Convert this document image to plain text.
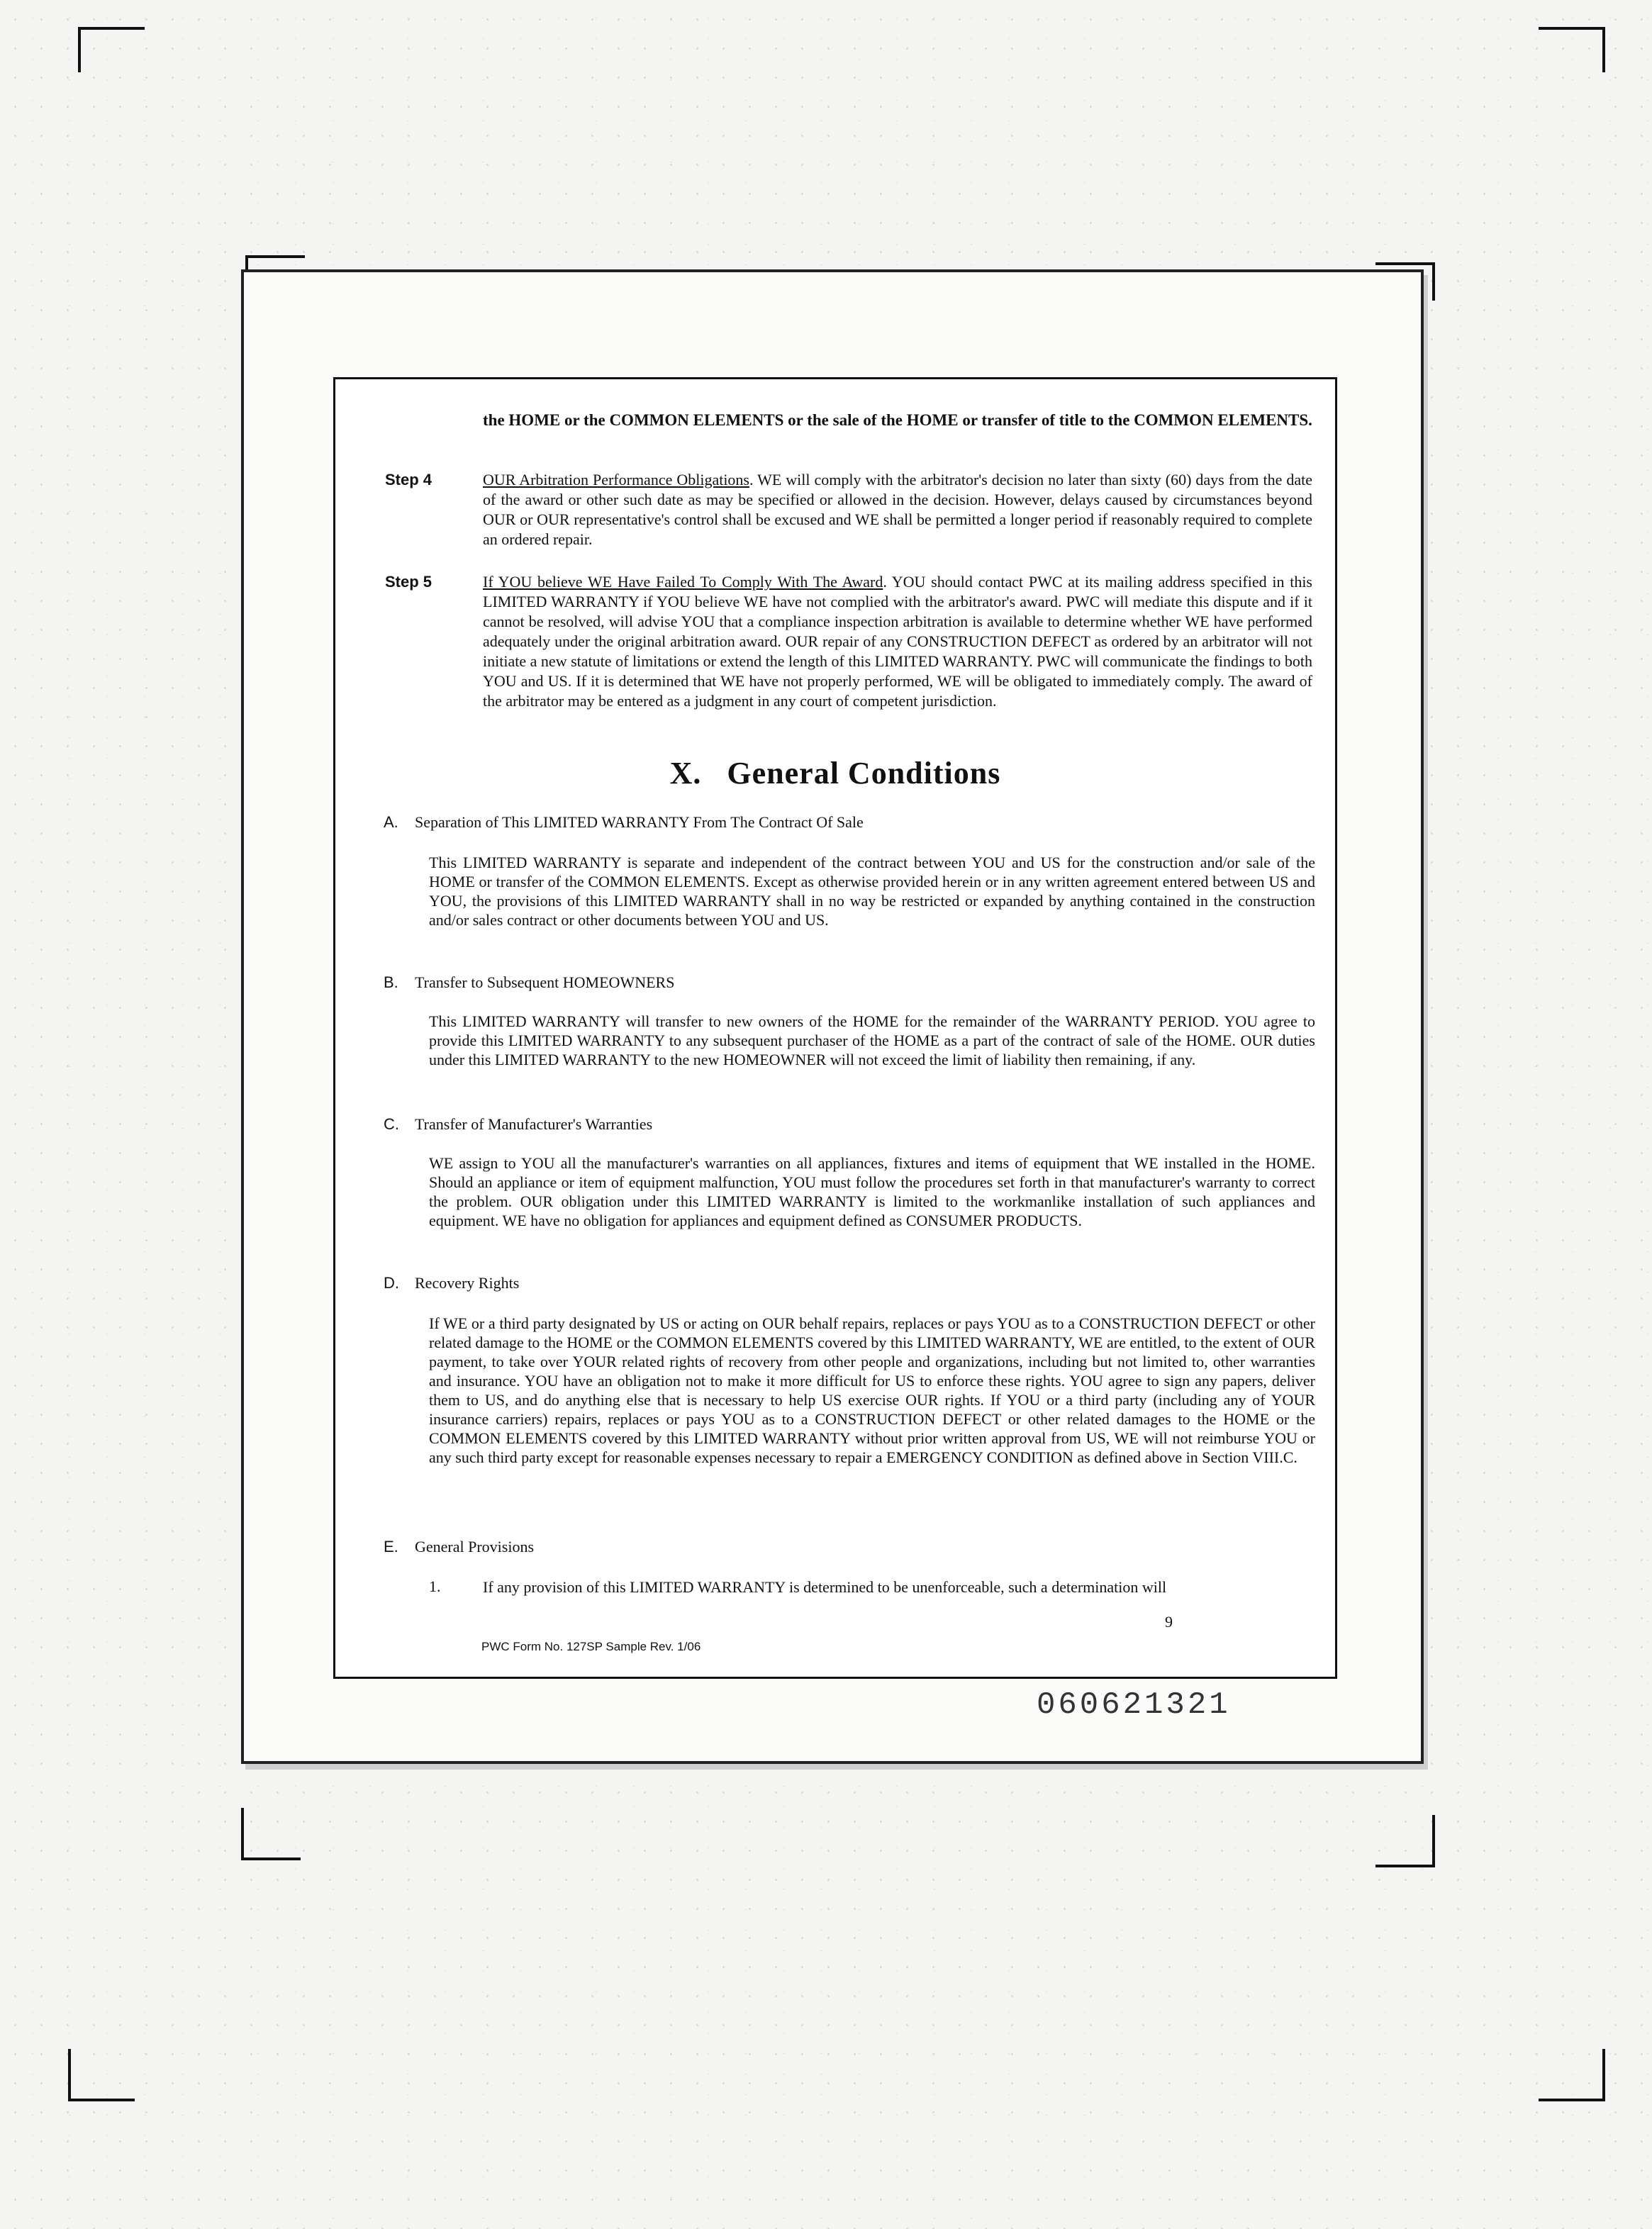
the HOME or the COMMON ELEMENTS or the sale of the HOME or transfer of title to the COMMON ELEMENTS.
Step 4	OUR Arbitration Performance Obligations. WE will comply with the arbitrator's decision no later than sixty (60) days from the date of the award or other such date as may be specified or allowed in the decision. However, delays caused by circumstances beyond OUR or OUR representative's control shall be excused and WE shall be permitted a longer period if reasonably required to complete an ordered repair.
Step 5	If YOU believe WE Have Failed To Comply With The Award. YOU should contact PWC at its mailing address specified in this LIMITED WARRANTY if YOU believe WE have not complied with the arbitrator's award. PWC will mediate this dispute and if it cannot be resolved, will advise YOU that a compliance inspection arbitration is available to determine whether WE have performed adequately under the original arbitration award. OUR repair of any CONSTRUCTION DEFECT as ordered by an arbitrator will not initiate a new statute of limitations or extend the length of this LIMITED WARRANTY. PWC will communicate the findings to both YOU and US. If it is determined that WE have not properly performed, WE will be obligated to immediately comply. The award of the arbitrator may be entered as a judgment in any court of competent jurisdiction.
X.   General Conditions
A. Separation of This LIMITED WARRANTY From The Contract Of Sale
This LIMITED WARRANTY is separate and independent of the contract between YOU and US for the construction and/or sale of the HOME or transfer of the COMMON ELEMENTS. Except as otherwise provided herein or in any written agreement entered between US and YOU, the provisions of this LIMITED WARRANTY shall in no way be restricted or expanded by anything contained in the construction and/or sales contract or other documents between YOU and US.
B. Transfer to Subsequent HOMEOWNERS
This LIMITED WARRANTY will transfer to new owners of the HOME for the remainder of the WARRANTY PERIOD. YOU agree to provide this LIMITED WARRANTY to any subsequent purchaser of the HOME as a part of the contract of sale of the HOME. OUR duties under this LIMITED WARRANTY to the new HOMEOWNER will not exceed the limit of liability then remaining, if any.
C. Transfer of Manufacturer's Warranties
WE assign to YOU all the manufacturer's warranties on all appliances, fixtures and items of equipment that WE installed in the HOME. Should an appliance or item of equipment malfunction, YOU must follow the procedures set forth in that manufacturer's warranty to correct the problem. OUR obligation under this LIMITED WARRANTY is limited to the workmanlike installation of such appliances and equipment. WE have no obligation for appliances and equipment defined as CONSUMER PRODUCTS.
D. Recovery Rights
If WE or a third party designated by US or acting on OUR behalf repairs, replaces or pays YOU as to a CONSTRUCTION DEFECT or other related damage to the HOME or the COMMON ELEMENTS covered by this LIMITED WARRANTY, WE are entitled, to the extent of OUR payment, to take over YOUR related rights of recovery from other people and organizations, including but not limited to, other warranties and insurance. YOU have an obligation not to make it more difficult for US to enforce these rights. YOU agree to sign any papers, deliver them to US, and do anything else that is necessary to help US exercise OUR rights. If YOU or a third party (including any of YOUR insurance carriers) repairs, replaces or pays YOU as to a CONSTRUCTION DEFECT or other related damages to the HOME or the COMMON ELEMENTS covered by this LIMITED WARRANTY without prior written approval from US, WE will not reimburse YOU or any such third party except for reasonable expenses necessary to repair a EMERGENCY CONDITION as defined above in Section VIII.C.
E. General Provisions
1.	If any provision of this LIMITED WARRANTY is determined to be unenforceable, such a determination will
9
PWC Form No. 127SP Sample Rev. 1/06
060621321
